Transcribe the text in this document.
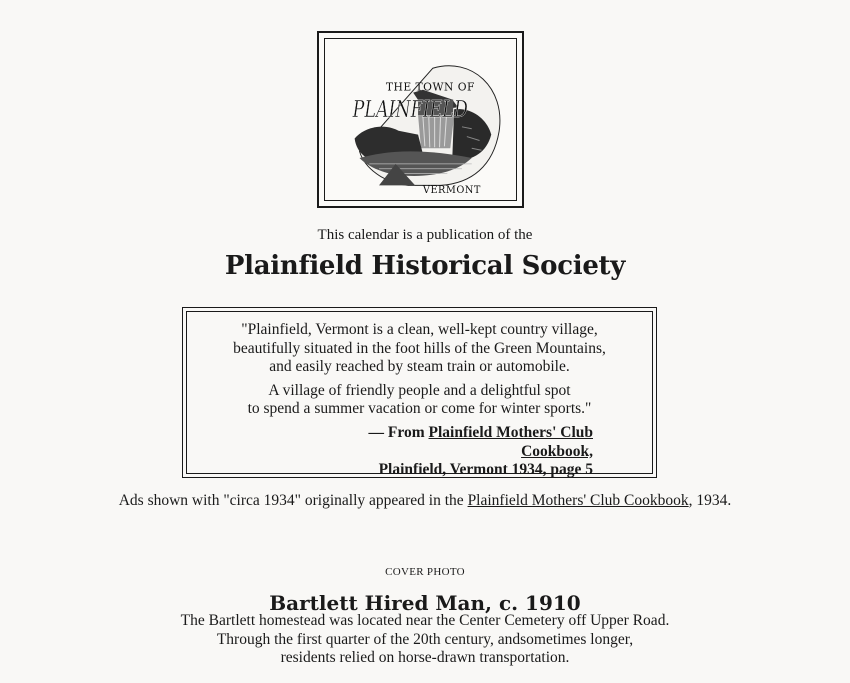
THE TOWN OF
PLAINFIELD
VERMONT
This calendar is a publication of the
Plainfield Historical Society

"Plainfield, Vermont is a clean, well-kept country village,

beautifully situated in the foot hills of the Green Mountains,

and easily reached by steam train or automobile.

A village of friendly people and a delightful spot

to spend a summer vacation or come for winter sports."

— From Plainfield Mothers' Club Cookbook,
Plainfield, Vermont 1934, page 5
Ads shown with "circa 1934" originally appeared in the Plainfield Mothers' Club Cookbook, 1934.
COVER PHOTO
Bartlett Hired Man, c. 1910

The Bartlett homestead was located near the Center Cemetery off Upper Road.

Through the first quarter of the 20th century, andsometimes longer,

residents relied on horse-drawn transportation.
